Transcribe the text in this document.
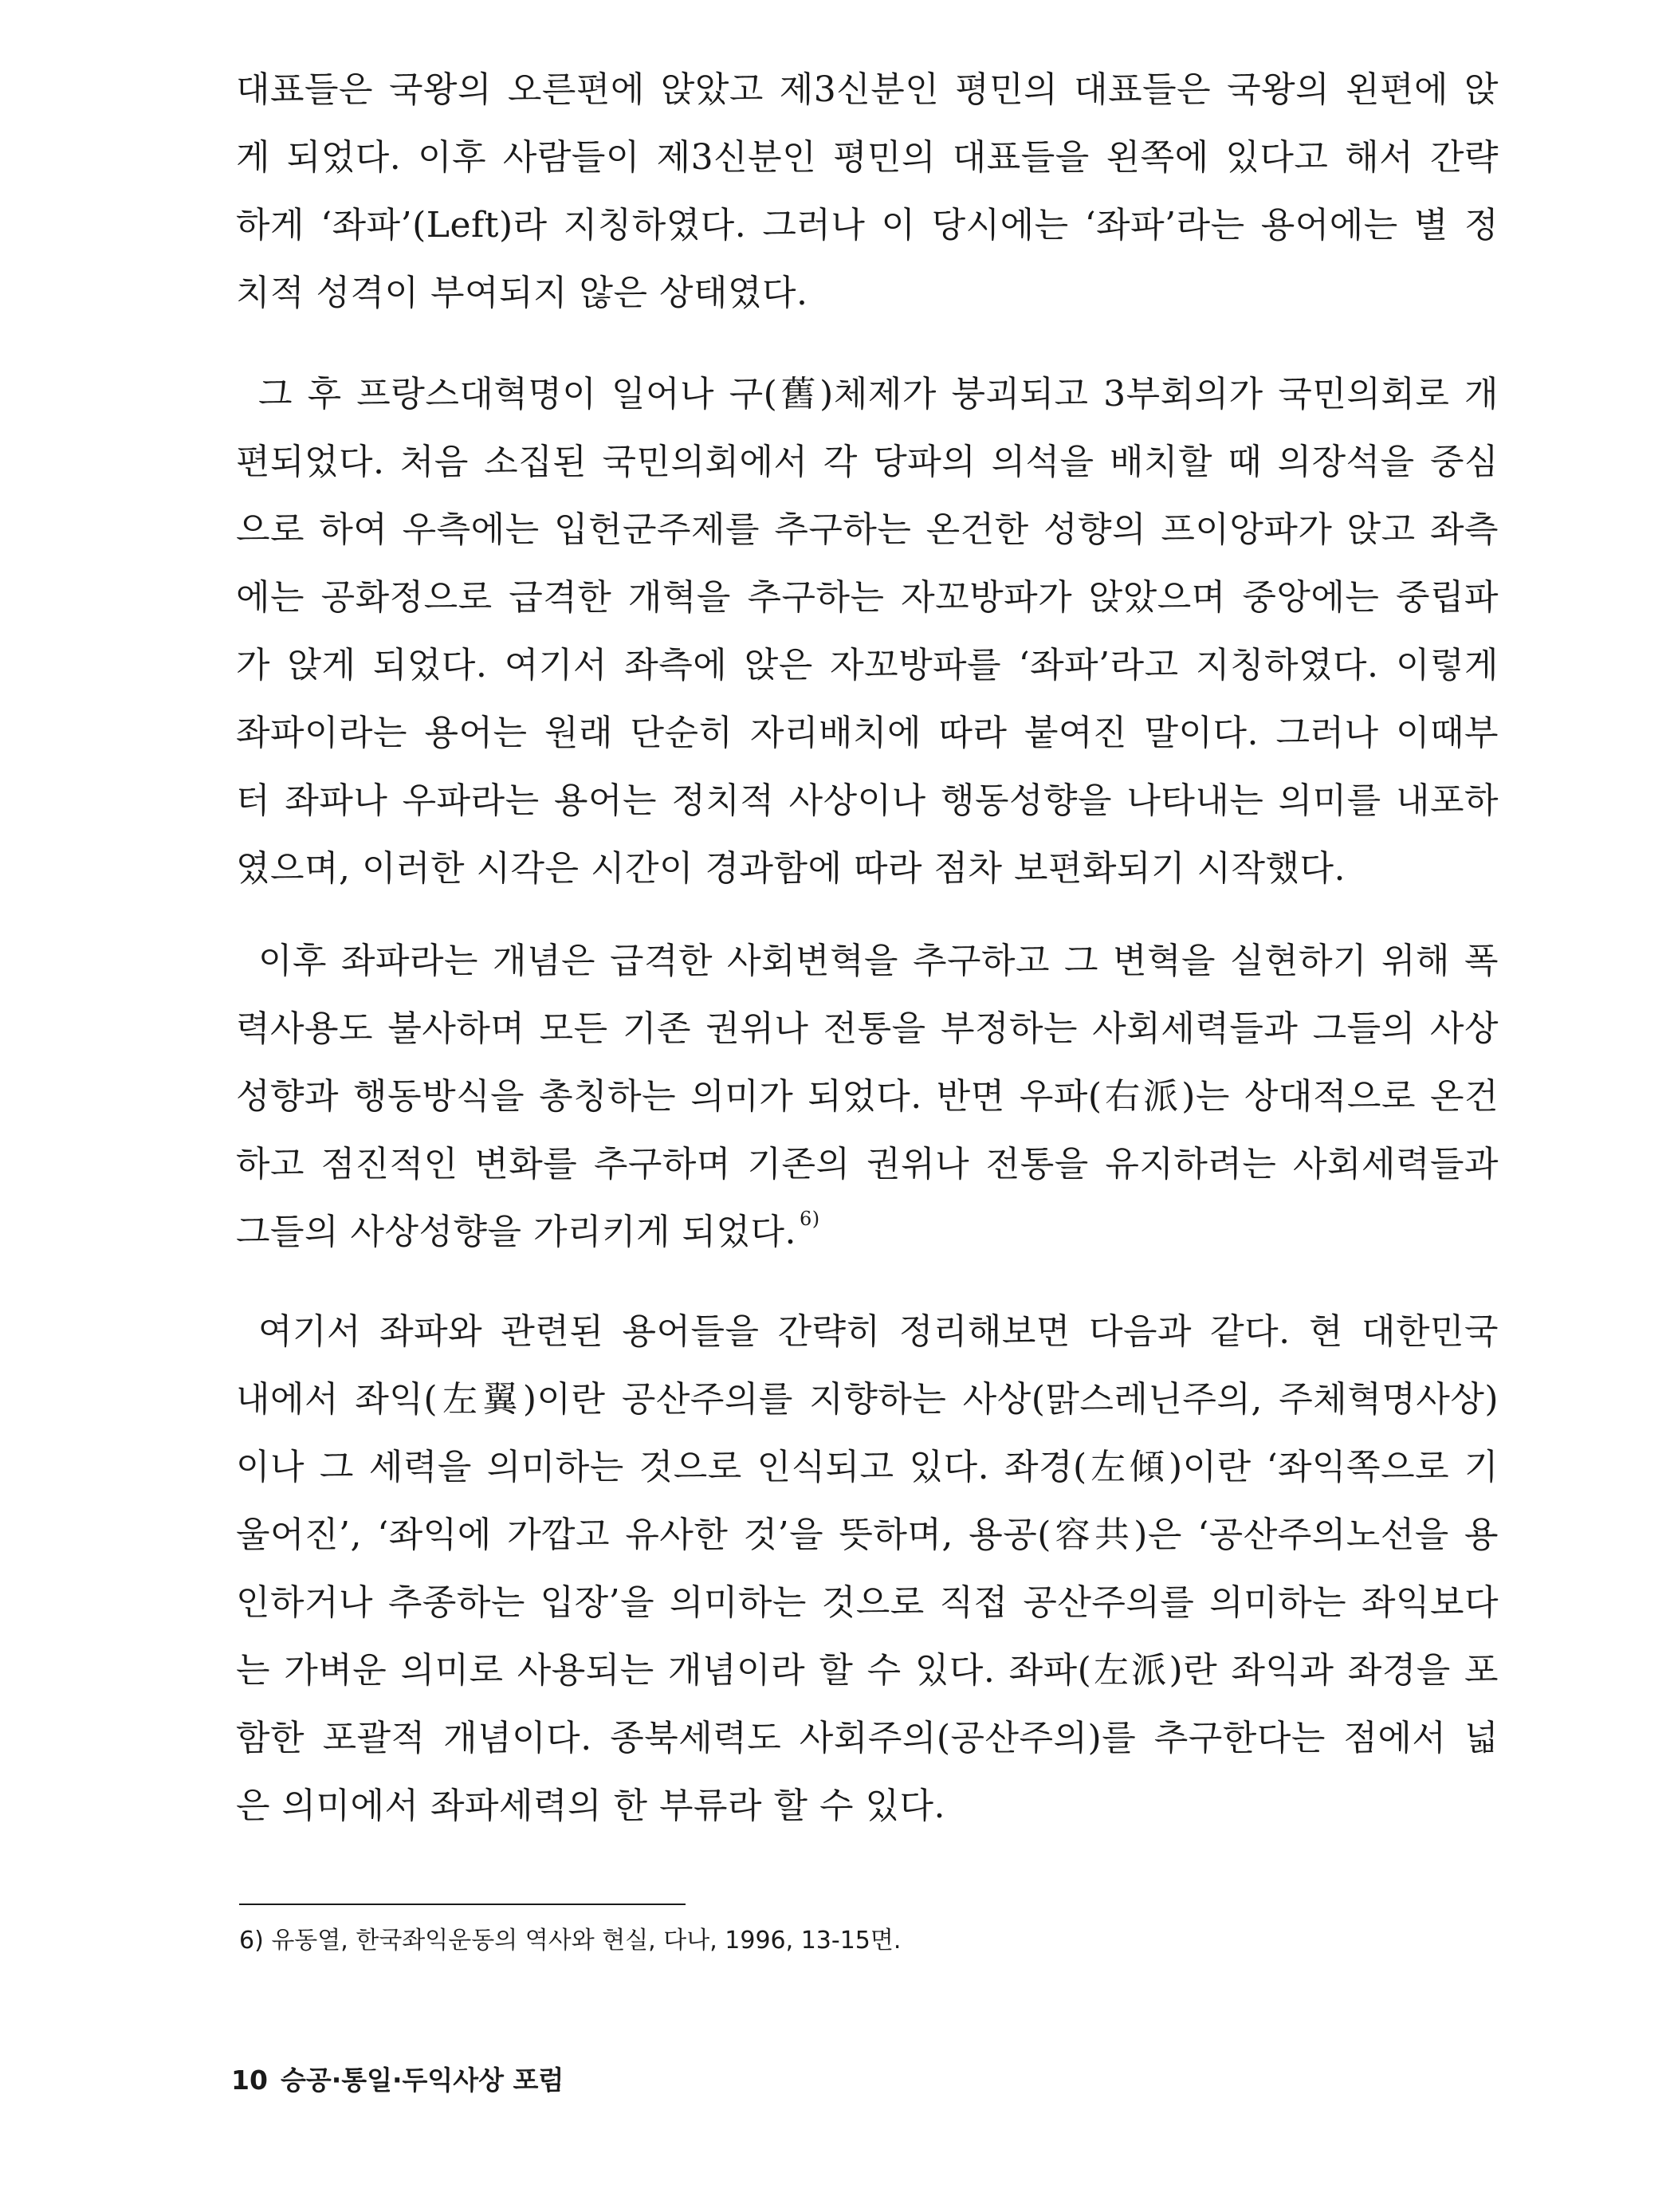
대표들은 국왕의 오른편에 앉았고 제3신분인 평민의 대표들은 국왕의 왼편에 앉
게 되었다. 이후 사람들이 제3신분인 평민의 대표들을 왼쪽에 있다고 해서 간략
하게 ‘좌파’(Left)라 지칭하였다. 그러나 이 당시에는 ‘좌파’라는 용어에는 별 정
치적 성격이 부여되지 않은 상태였다.
그 후 프랑스대혁명이 일어나 구(舊)체제가 붕괴되고 3부회의가 국민의회로 개
편되었다. 처음 소집된 국민의회에서 각 당파의 의석을 배치할 때 의장석을 중심
으로 하여 우측에는 입헌군주제를 추구하는 온건한 성향의 프이앙파가 앉고 좌측
에는 공화정으로 급격한 개혁을 추구하는 자꼬방파가 앉았으며 중앙에는 중립파
가 앉게 되었다. 여기서 좌측에 앉은 자꼬방파를 ‘좌파’라고 지칭하였다. 이렇게
좌파이라는 용어는 원래 단순히 자리배치에 따라 붙여진 말이다. 그러나 이때부
터 좌파나 우파라는 용어는 정치적 사상이나 행동성향을 나타내는 의미를 내포하
였으며, 이러한 시각은 시간이 경과함에 따라 점차 보편화되기 시작했다.
이후 좌파라는 개념은 급격한 사회변혁을 추구하고 그 변혁을 실현하기 위해 폭
력사용도 불사하며 모든 기존 권위나 전통을 부정하는 사회세력들과 그들의 사상
성향과 행동방식을 총칭하는 의미가 되었다. 반면 우파(右派)는 상대적으로 온건
하고 점진적인 변화를 추구하며 기존의 권위나 전통을 유지하려는 사회세력들과
그들의 사상성향을 가리키게 되었다. $^{6)}$
여기서 좌파와 관련된 용어들을 간략히 정리해보면 다음과 같다. 현 대한민국
내에서 좌익(左翼)이란 공산주의를 지향하는 사상(맑스레닌주의, 주체혁명사상)
이나 그 세력을 의미하는 것으로 인식되고 있다. 좌경(左傾)이란 ‘좌익쪽으로 기
울어진’, ‘좌익에 가깝고 유사한 것’을 뜻하며, 용공(容共)은 ‘공산주의노선을 용
인하거나 추종하는 입장’을 의미하는 것으로 직접 공산주의를 의미하는 좌익보다
는 가벼운 의미로 사용되는 개념이라 할 수 있다. 좌파(左派)란 좌익과 좌경을 포
함한 포괄적 개념이다. 종북세력도 사회주의(공산주의)를 추구한다는 점에서 넓
은 의미에서 좌파세력의 한 부류라 할 수 있다.
6) 유동열, 한국좌익운동의 역사와 현실, 다나, 1996, 13-15면.
10 승공·통일·두익사상 포럼
